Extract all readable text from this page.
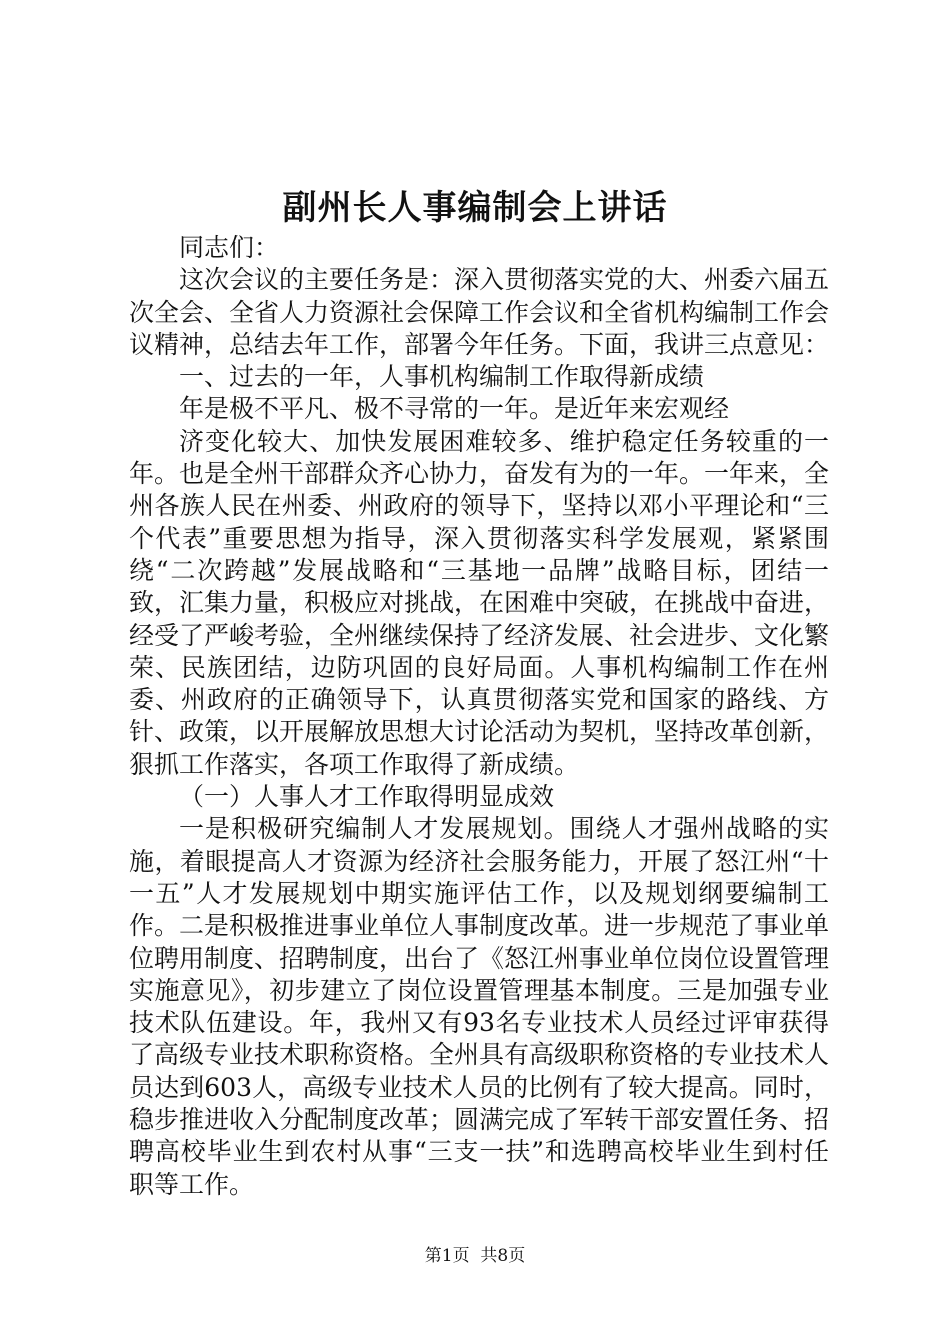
副州长人事编制会上讲话

同志们：

这次会议的主要任务是：深入贯彻落实党的大、州委六届五次全会、全省人力资源社会保障工作会议和全省机构编制工作会议精神，总结去年工作，部署今年任务。下面，我讲三点意见：

一、过去的一年，人事机构编制工作取得新成绩

年是极不平凡、极不寻常的一年。是近年来宏观经

济变化较大、加快发展困难较多、维护稳定任务较重的一年。也是全州干部群众齐心协力，奋发有为的一年。一年来，全州各族人民在州委、州政府的领导下，坚持以邓小平理论和“三个代表”重要思想为指导，深入贯彻落实科学发展观，紧紧围绕“二次跨越”发展战略和“三基地一品牌”战略目标，团结一致，汇集力量，积极应对挑战，在困难中突破，在挑战中奋进，经受了严峻考验，全州继续保持了经济发展、社会进步、文化繁荣、民族团结，边防巩固的良好局面。人事机构编制工作在州委、州政府的正确领导下，认真贯彻落实党和国家的路线、方针、政策，以开展解放思想大讨论活动为契机，坚持改革创新，狠抓工作落实，各项工作取得了新成绩。

（一）人事人才工作取得明显成效

一是积极研究编制人才发展规划。围绕人才强州战略的实施，着眼提高人才资源为经济社会服务能力，开展了怒江州“十一五”人才发展规划中期实施评估工作，以及规划纲要编制工作。二是积极推进事业单位人事制度改革。进一步规范了事业单位聘用制度、招聘制度，出台了《怒江州事业单位岗位设置管理实施意见》，初步建立了岗位设置管理基本制度。三是加强专业技术队伍建设。年，我州又有93名专业技术人员经过评审获得了高级专业技术职称资格。全州具有高级职称资格的专业技术人员达到603人，高级专业技术人员的比例有了较大提高。同时，稳步推进收入分配制度改革；圆满完成了军转干部安置任务、招聘高校毕业生到农村从事“三支一扶”和选聘高校毕业生到村任职等工作。

第1页 共8页
